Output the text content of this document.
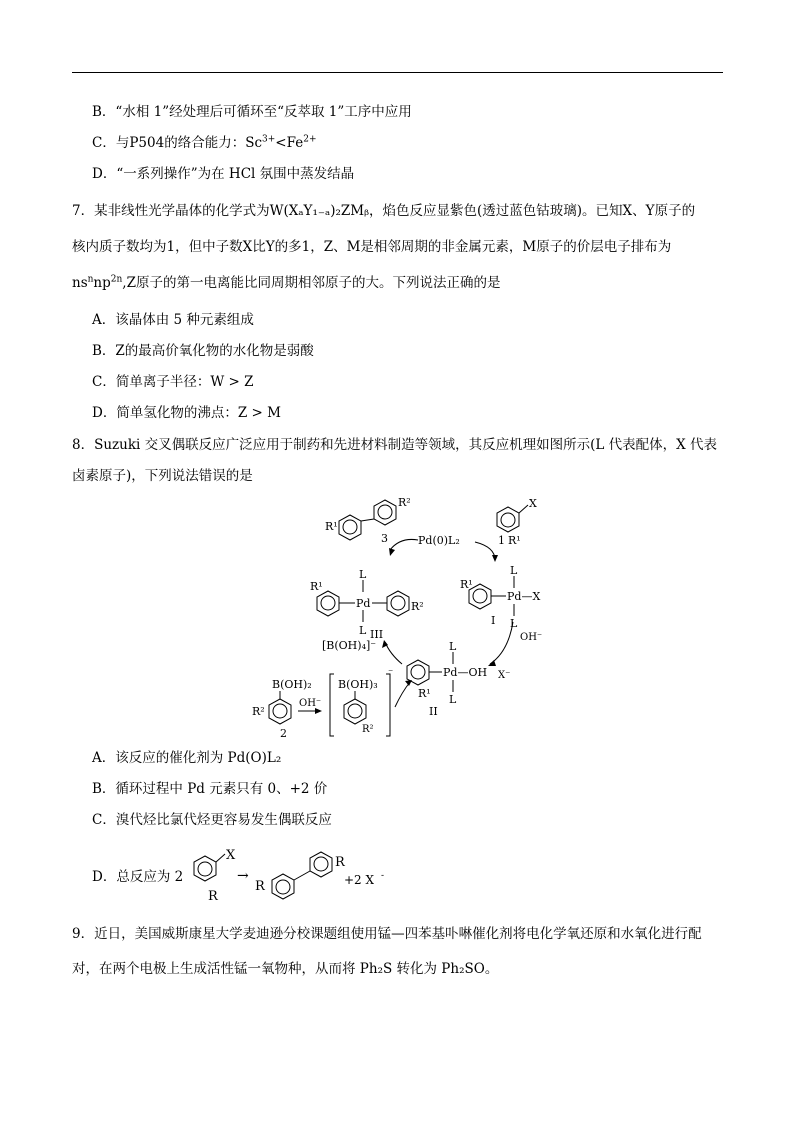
B．“水相 1”经处理后可循环至“反萃取 1”工序中应用
C．与P504的络合能力：$Sc^{3+}<Fe^{2+}$
D．“一系列操作”为在 HCl 氛围中蒸发结晶
7．某非线性光学晶体的化学式为W(XₐY₁₋ₐ)₂ZMᵦ，焰色反应显紫色(透过蓝色钴玻璃)。已知X、Y原子的
核内质子数均为1，但中子数X比Y的多1，Z、M是相邻周期的非金属元素，M原子的价层电子排布为
$ns^nnp^{2n},Z$原子的第一电离能比同周期相邻原子的大。下列说法正确的是
A．该晶体由 5 种元素组成
B．Z的最高价氧化物的水化物是弱酸
C．简单离子半径：W > Z
D．简单氢化物的沸点：Z > M
8．Suzuki 交叉偶联反应广泛应用于制药和先进材料制造等领域，其反应机理如图所示(L 代表配体，X 代表
卤素原子)，下列说法错误的是
R¹
R²
3	Pd(0)L₂
X
R¹
1
R¹
R²
Pd
L
L III
R¹
Pd—X
L
L
I
OH⁻
X⁻
Pd—OH
L
L
R¹
II
[B(OH)₄]⁻
B(OH)₂
R²
2
OH⁻
B(OH)₃
⁻
R²
A．该反应的催化剂为 Pd(O)L₂
B．循环过程中 Pd 元素只有 0、+2 价
C．溴代烃比氯代烃更容易发生偶联反应
D．总反应为 2
X
R
→
R
R
+2 X -
9．近日，美国威斯康星大学麦迪逊分校课题组使用锰—四苯基卟啉催化剂将电化学氧还原和水氧化进行配
对，在两个电极上生成活性锰一氧物种，从而将 Ph₂S 转化为 Ph₂SO。
